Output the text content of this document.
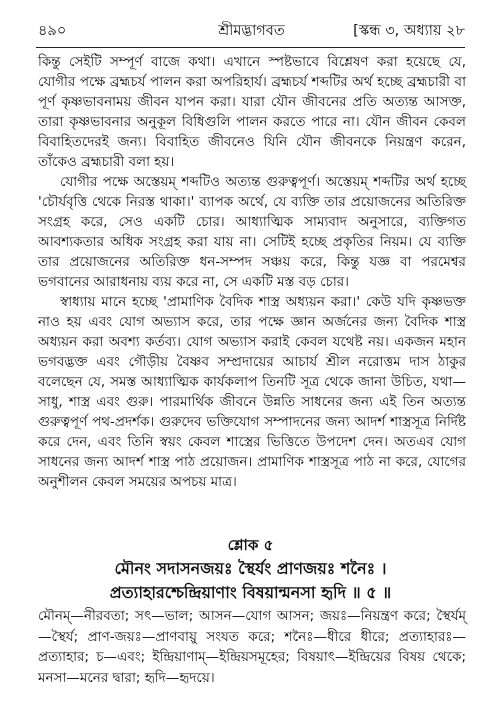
৪৯০	শ্রীমদ্ভাগবত	[স্কন্ধ ৩, অধ্যায় ২৮

কিন্তু সেইটি সম্পূর্ণ বাজে কথা। এখানে স্পষ্টভাবে বিশ্লেষণ করা হয়েছে যে, যোগীর পক্ষে ব্রহ্মচর্য পালন করা অপরিহার্য। ব্রহ্মচর্য শব্দটির অর্থ হচ্ছে ব্রহ্মচারী বা পূর্ণ কৃষ্ণভাবনাময় জীবন যাপন করা। যারা যৌন জীবনের প্রতি অত্যন্ত আসক্ত, তারা কৃষ্ণভাবনার অনুকূল বিধিগুলি পালন করতে পারে না। যৌন জীবন কেবল বিবাহিতদেরই জন্য। বিবাহিত জীবনেও যিনি যৌন জীবনকে নিয়ন্ত্রণ করেন, তাঁকেও ব্রহ্মচারী বলা হয়।

যোগীর পক্ষে অস্তেয়ম্ শব্দটিও অত্যন্ত গুরুত্বপূর্ণ। অস্তেয়ম্ শব্দটির অর্থ হচ্ছে 'চৌর্যবৃত্তি থেকে নিরস্ত থাকা।' ব্যাপক অর্থে, যে ব্যক্তি তার প্রয়োজনের অতিরিক্ত সংগ্রহ করে, সেও একটি চোর। আধ্যাত্মিক সাম্যবাদ অনুসারে, ব্যক্তিগত আবশ্যকতার অধিক সংগ্রহ করা যায় না। সেটিই হচ্ছে প্রকৃতির নিয়ম। যে ব্যক্তি তার প্রয়োজনের অতিরিক্ত ধন-সম্পদ সঞ্চয় করে, কিন্তু যজ্ঞ বা পরমেশ্বর ভগবানের আরাধনায় ব্যয় করে না, সে একটি মস্ত বড় চোর।

স্বাধ্যায় মানে হচ্ছে 'প্রামাণিক বৈদিক শাস্ত্র অধ্যয়ন করা।' কেউ যদি কৃষ্ণভক্ত নাও হয় এবং যোগ অভ্যাস করে, তার পক্ষে জ্ঞান অর্জনের জন্য বৈদিক শাস্ত্র অধ্যয়ন করা অবশ্য কর্তব্য। যোগ অভ্যাস করাই কেবল যথেষ্ট নয়। একজন মহান ভগবদ্ভক্ত এবং গৌড়ীয় বৈষ্ণব সম্প্রদায়ের আচার্য শ্রীল নরোত্তম দাস ঠাকুর বলেছেন যে, সমস্ত আধ্যাত্মিক কার্যকলাপ তিনটি সূত্র থেকে জানা উচিত, যথা— সাধু, শাস্ত্র এবং গুরু। পারমার্থিক জীবনে উন্নতি সাধনের জন্য এই তিন অত্যন্ত গুরুত্বপূর্ণ পথ-প্রদর্শক। গুরুদেব ভক্তিযোগ সম্পাদনের জন্য আদর্শ শাস্ত্রসূত্র নির্দিষ্ট করে দেন, এবং তিনি স্বয়ং কেবল শাস্ত্রের ভিত্তিতে উপদেশ দেন। অতএব যোগ সাধনের জন্য আদর্শ শাস্ত্র পাঠ প্রয়োজন। প্রামাণিক শাস্ত্রসূত্র পাঠ না করে, যোগের অনুশীলন কেবল সময়ের অপচয় মাত্র।

শ্লোক ৫
মৌনং সদাসনজয়ঃ স্থৈর্যং প্রাণজয়ঃ শনৈঃ ।
প্রত্যাহারশ্চেন্দ্রিয়াণাং বিষয়ান্মনসা হৃদি ॥ ৫ ॥
মৌনম্—নীরবতা; সৎ—ভাল; আসন—যোগ আসন; জয়ঃ—নিয়ন্ত্রণ করে; স্থৈর্যম্—স্থৈর্য; প্রাণ-জয়ঃ—প্রাণবায়ু সংযত করে; শনৈঃ—ধীরে ধীরে; প্রত্যাহারঃ—প্রত্যাহার; চ—এবং; ইন্দ্রিয়াণাম্—ইন্দ্রিয়সমূহের; বিষয়াৎ—ইন্দ্রিয়ের বিষয় থেকে; মনসা—মনের দ্বারা; হৃদি—হৃদয়ে।
